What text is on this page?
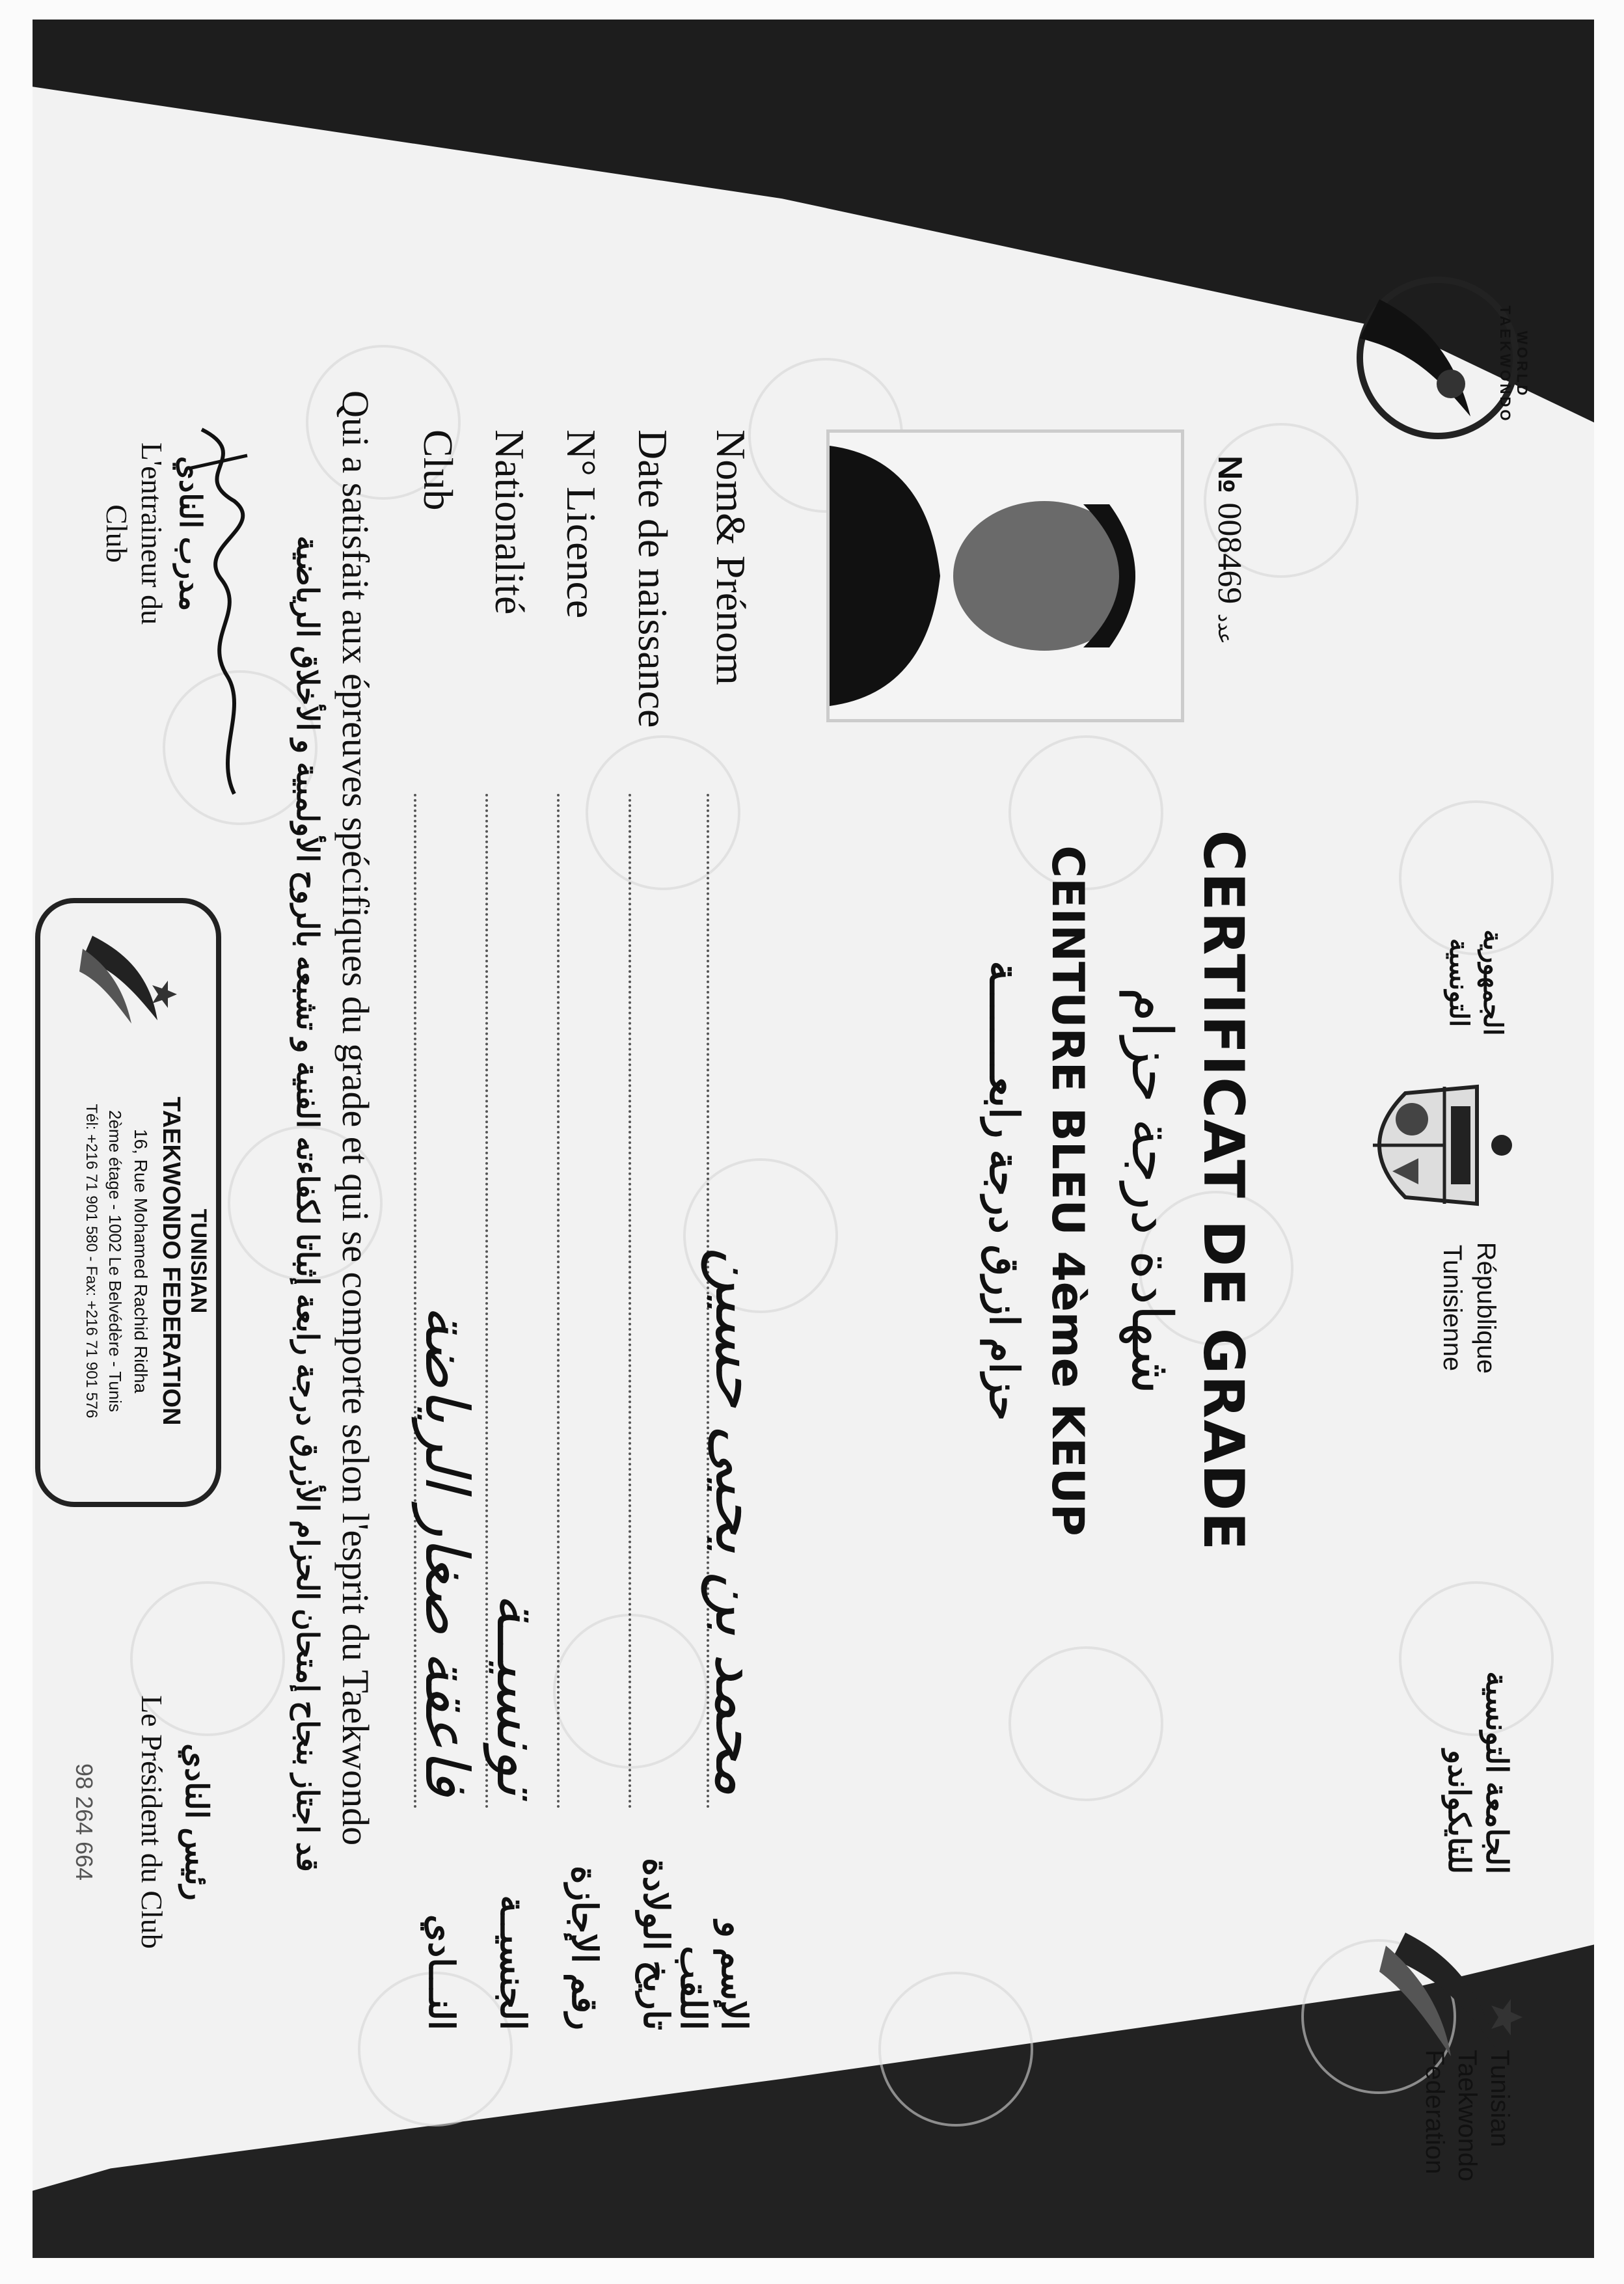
Tunisian Taekwondo Federation
الجامعة التونسية للتايكواندو
الجمهورية التونسية
République Tunisienne
WORLD TAEKWONDO
№ 008469 عدد
CERTIFICAT DE GRADE
شهادة درجة حزام
CEINTURE BLEU 4ème KEUP
حزام ازرق درجة رابعــــــــة
Nom& Prénom
محمد بن يحيى حسين
الإسم و اللقب
Date de naissance
تاريخ الولادة
N° Licence
رقم الإجازة
Nationalité
تونسيــة
الجنسيــة
Club
فاعقة صغار الرياضة
النـــادي
Qui a satisfait aux épreuves spécifiques du grade et qui se comporte selon l'esprit du Taekwondo
قد اجتاز بنجاح إمتحان الحزام الأزرق درجة رابعة إثباتا لكفاءته الفنية و تشبعه بالروح الأولمبية و الأخلاق الرياضية
مدرب النادي
L'entraineur du Club
TUNISIAN
TAEKWONDO FEDERATION
16, Rue Mohamed Rachid Ridha
2ème étage - 1002 Le Belvédère - Tunis
Tél: +216 71 901 580 - Fax: +216 71 901 576
رئيس النادي
Le Président du Club
98 264 664
